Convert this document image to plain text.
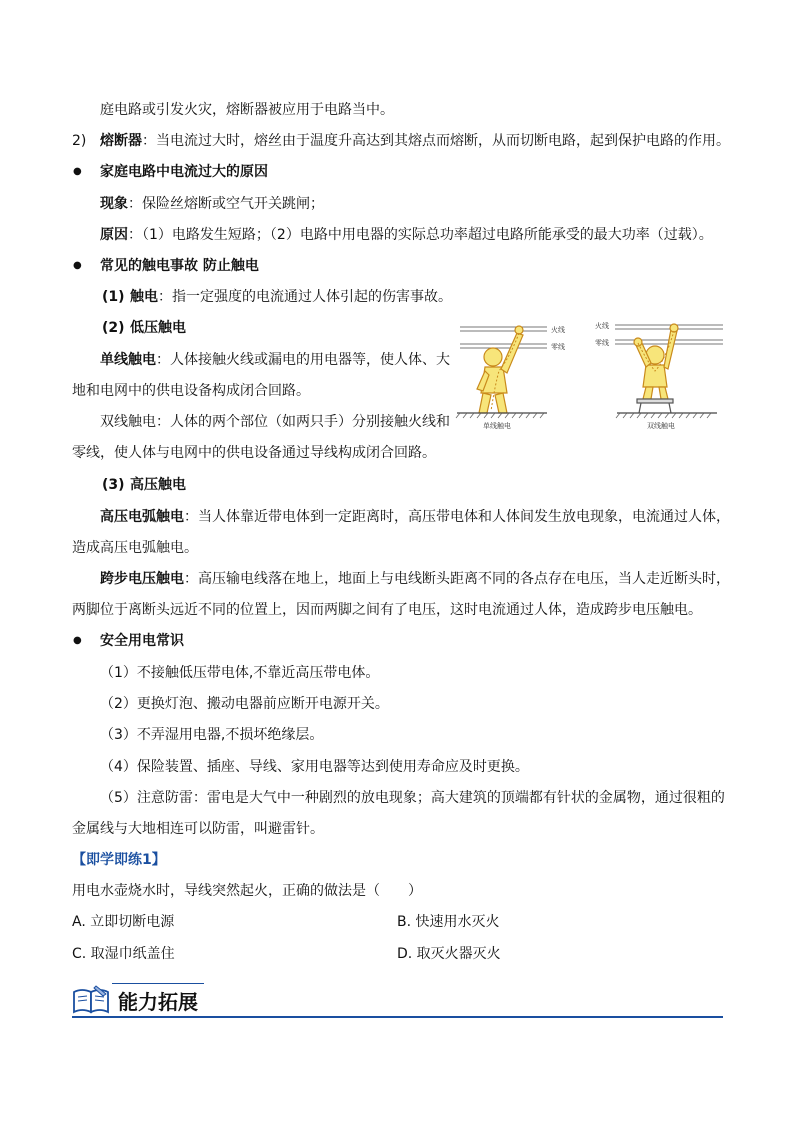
庭电路或引发火灾，熔断器被应用于电路当中。
2) 熔断器：当电流过大时，熔丝由于温度升高达到其熔点而熔断，从而切断电路，起到保护电路的作用。
● 家庭电路中电流过大的原因
现象：保险丝熔断或空气开关跳闸；
原因：（1）电路发生短路；（2）电路中用电器的实际总功率超过电路所能承受的最大功率（过载）。
● 常见的触电事故 防止触电
(1) 触电：指一定强度的电流通过人体引起的伤害事故。
(2) 低压触电
单线触电：人体接触火线或漏电的用电器等，使人体、大
地和电网中的供电设备构成闭合回路。
双线触电：人体的两个部位（如两只手）分别接触火线和
零线，使人体与电网中的供电设备通过导线构成闭合回路。
火线
零线
单线触电
火线
零线
双线触电
(3) 高压触电
高压电弧触电：当人体靠近带电体到一定距离时，高压带电体和人体间发生放电现象，电流通过人体，
造成高压电弧触电。
跨步电压触电：高压输电线落在地上，地面上与电线断头距离不同的各点存在电压，当人走近断头时，
两脚位于离断头远近不同的位置上，因而两脚之间有了电压，这时电流通过人体，造成跨步电压触电。
● 安全用电常识
（1）不接触低压带电体,不靠近高压带电体。
（2）更换灯泡、搬动电器前应断开电源开关。
（3）不弄湿用电器,不损坏绝缘层。
（4）保险装置、插座、导线、家用电器等达到使用寿命应及时更换。
（5）注意防雷：雷电是大气中一种剧烈的放电现象；高大建筑的顶端都有针状的金属物，通过很粗的
金属线与大地相连可以防雷，叫避雷针。
【即学即练1】
用电水壶烧水时，导线突然起火，正确的做法是（　　）
A. 立即切断电源	B. 快速用水灭火
C. 取湿巾纸盖住	D. 取灭火器灭火
能力拓展
